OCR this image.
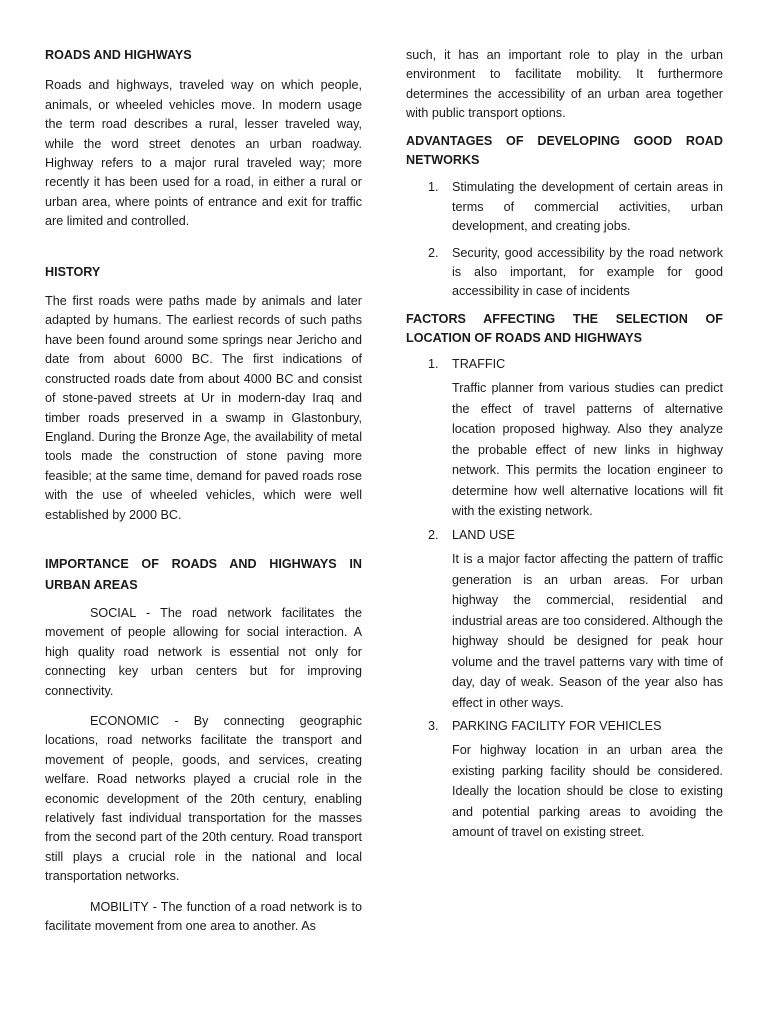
ROADS AND HIGHWAYS

Roads and highways, traveled way on which people, animals, or wheeled vehicles move. In modern usage the term road describes a rural, lesser traveled way, while the word street denotes an urban roadway. Highway refers to a major rural traveled way; more recently it has been used for a road, in either a rural or urban area, where points of entrance and exit for traffic are limited and controlled.

HISTORY

The first roads were paths made by animals and later adapted by humans. The earliest records of such paths have been found around some springs near Jericho and date from about 6000 BC. The first indications of constructed roads date from about 4000 BC and consist of stone-paved streets at Ur in modern-day Iraq and timber roads preserved in a swamp in Glastonbury, England. During the Bronze Age, the availability of metal tools made the construction of stone paving more feasible; at the same time, demand for paved roads rose with the use of wheeled vehicles, which were well established by 2000 BC.

IMPORTANCE OF ROADS AND HIGHWAYS IN URBAN AREAS

SOCIAL - The road network facilitates the movement of people allowing for social interaction. A high quality road network is essential not only for connecting key urban centers but for improving connectivity.

ECONOMIC - By connecting geographic locations, road networks facilitate the transport and movement of people, goods, and services, creating welfare. Road networks played a crucial role in the economic development of the 20th century, enabling relatively fast individual transportation for the masses from the second part of the 20th century. Road transport still plays a crucial role in the national and local transportation networks.

MOBILITY - The function of a road network is to facilitate movement from one area to another. As

such, it has an important role to play in the urban environment to facilitate mobility. It furthermore determines the accessibility of an urban area together with public transport options.

ADVANTAGES OF DEVELOPING GOOD ROAD NETWORKS

1. Stimulating the development of certain areas in terms of commercial activities, urban development, and creating jobs.
2. Security, good accessibility by the road network is also important, for example for good accessibility in case of incidents

FACTORS AFFECTING THE SELECTION OF LOCATION OF ROADS AND HIGHWAYS

1. TRAFFIC
Traffic planner from various studies can predict the effect of travel patterns of alternative location proposed highway. Also they analyze the probable effect of new links in highway network. This permits the location engineer to determine how well alternative locations will fit with the existing network.
2. LAND USE
It is a major factor affecting the pattern of traffic generation is an urban areas. For urban highway the commercial, residential and industrial areas are too considered. Although the highway should be designed for peak hour volume and the travel patterns vary with time of day, day of weak. Season of the year also has effect in other ways.
3. PARKING FACILITY FOR VEHICLES
For highway location in an urban area the existing parking facility should be considered. Ideally the location should be close to existing and potential parking areas to avoiding the amount of travel on existing street.
